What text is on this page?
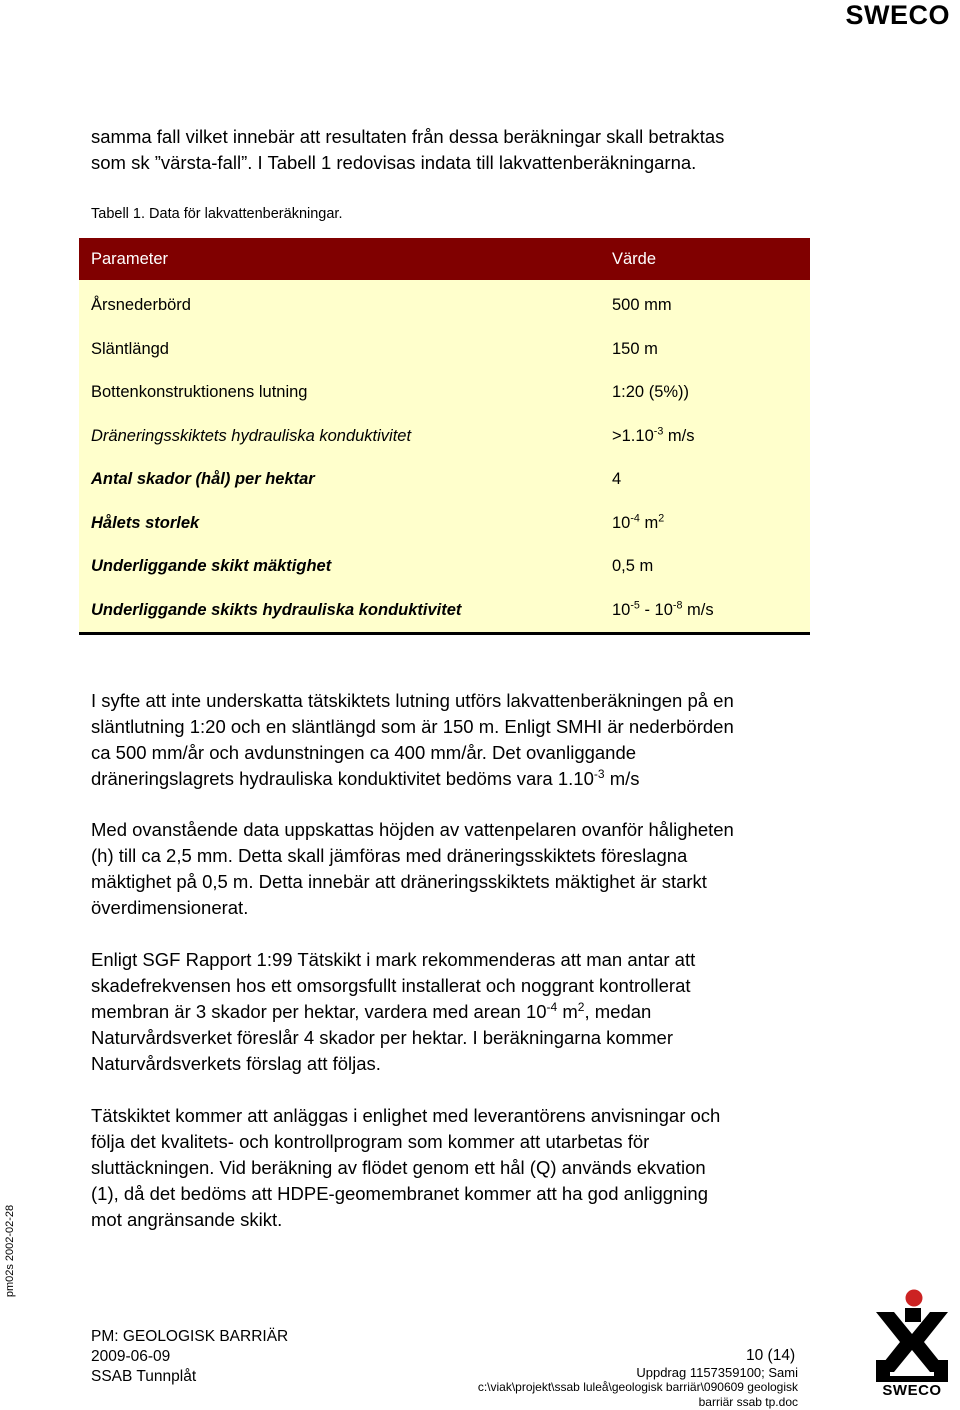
SWECO

samma fall vilket innebär att resultaten från dessa beräkningar skall betraktas

som sk ”värsta-fall”. I Tabell 1 redovisas indata till lakvattenberäkningarna.

Tabell 1. Data för lakvattenberäkningar.
Parameter	Värde
Årsnederbörd	500 mm
Släntlängd	150 m
Bottenkonstruktionens lutning	1:20 (5%))
Dräneringsskiktets hydrauliska konduktivitet	$>1.10^{-3}$ m/s
Antal skador (hål) per hektar	4
Hålets storlek	$10^{-4}$ $m^2$
Underliggande skikt mäktighet	0,5 m
Underliggande skikts hydrauliska konduktivitet	$10^{-5} - 10^{-8}$ m/s

I syfte att inte underskatta tätskiktets lutning utförs lakvattenberäkningen på en

släntlutning 1:20 och en släntlängd som är 150 m. Enligt SMHI är nederbörden

ca 500 mm/år och avdunstningen ca 400 mm/år. Det ovanliggande

dräneringslagrets hydrauliska konduktivitet bedöms vara $1.10^{-3}$ m/s

Med ovanstående data uppskattas höjden av vattenpelaren ovanför håligheten

(h) till ca 2,5 mm. Detta skall jämföras med dräneringsskiktets föreslagna

mäktighet på 0,5 m. Detta innebär att dräneringsskiktets mäktighet är starkt

överdimensionerat.

Enligt SGF Rapport 1:99 Tätskikt i mark rekommenderas att man antar att

skadefrekvensen hos ett omsorgsfullt installerat och noggrant kontrollerat

membran är 3 skador per hektar, vardera med arean $10^{-4}$ $m^2$, medan

Naturvårdsverket föreslår 4 skador per hektar. I beräkningarna kommer

Naturvårdsverkets förslag att följas.

Tätskiktet kommer att anläggas i enlighet med leverantörens anvisningar och

följa det kvalitets- och kontrollprogram som kommer att utarbetas för

sluttäckningen. Vid beräkning av flödet genom ett hål (Q) används ekvation

(1), då det bedöms att HDPE-geomembranet kommer att ha god anliggning

mot angränsande skikt.

pm02s 2002-02-28
PM: GEOLOGISK BARRIÄR
2009-06-09
SSAB Tunnplåt
10 (14)
Uppdrag 1157359100; Sami
c:\viak\projekt\ssab luleå\geologisk barriär\090609 geologisk
barriär ssab tp.doc
SWECO
